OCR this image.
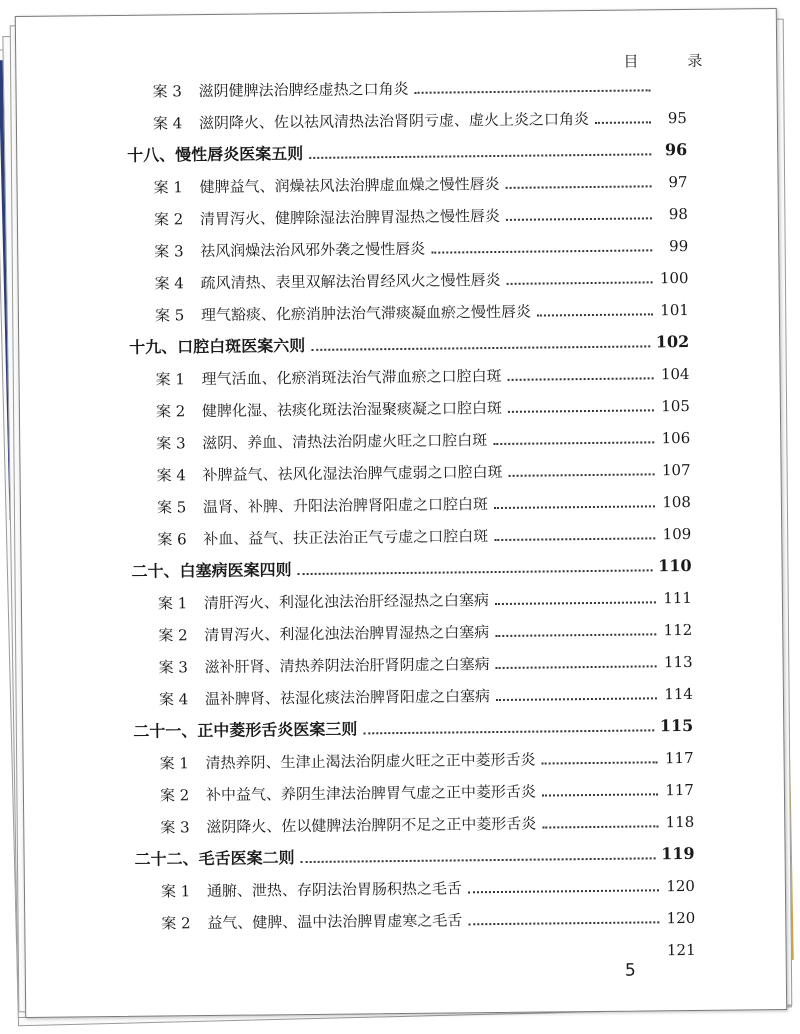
目 录
案 3	滋阴健脾法治脾经虚热之口角炎
案 4	滋阴降火、佐以祛风清热法治肾阴亏虚、虚火上炎之口角炎	95
十八、慢性唇炎医案五则	96
案 1	健脾益气、润燥祛风法治脾虚血燥之慢性唇炎	97
案 2	清胃泻火、健脾除湿法治脾胃湿热之慢性唇炎	98
案 3	祛风润燥法治风邪外袭之慢性唇炎	99
案 4	疏风清热、表里双解法治胃经风火之慢性唇炎	100
案 5	理气豁痰、化瘀消肿法治气滞痰凝血瘀之慢性唇炎	101
十九、口腔白斑医案六则	102
案 1	理气活血、化瘀消斑法治气滞血瘀之口腔白斑	104
案 2	健脾化湿、祛痰化斑法治湿聚痰凝之口腔白斑	105
案 3	滋阴、养血、清热法治阴虚火旺之口腔白斑	106
案 4	补脾益气、祛风化湿法治脾气虚弱之口腔白斑	107
案 5	温肾、补脾、升阳法治脾肾阳虚之口腔白斑	108
案 6	补血、益气、扶正法治正气亏虚之口腔白斑	109
二十、白塞病医案四则	110
案 1	清肝泻火、利湿化浊法治肝经湿热之白塞病	111
案 2	清胃泻火、利湿化浊法治脾胃湿热之白塞病	112
案 3	滋补肝肾、清热养阴法治肝肾阴虚之白塞病	113
案 4	温补脾肾、祛湿化痰法治脾肾阳虚之白塞病	114
二十一、正中菱形舌炎医案三则	115
案 1	清热养阴、生津止渴法治阴虚火旺之正中菱形舌炎	117
案 2	补中益气、养阴生津法治脾胃气虚之正中菱形舌炎	117
案 3	滋阴降火、佐以健脾法治脾阴不足之正中菱形舌炎	118
二十二、毛舌医案二则	119
案 1	通腑、泄热、存阴法治胃肠积热之毛舌	120
案 2	益气、健脾、温中法治脾胃虚寒之毛舌	120
121
5
